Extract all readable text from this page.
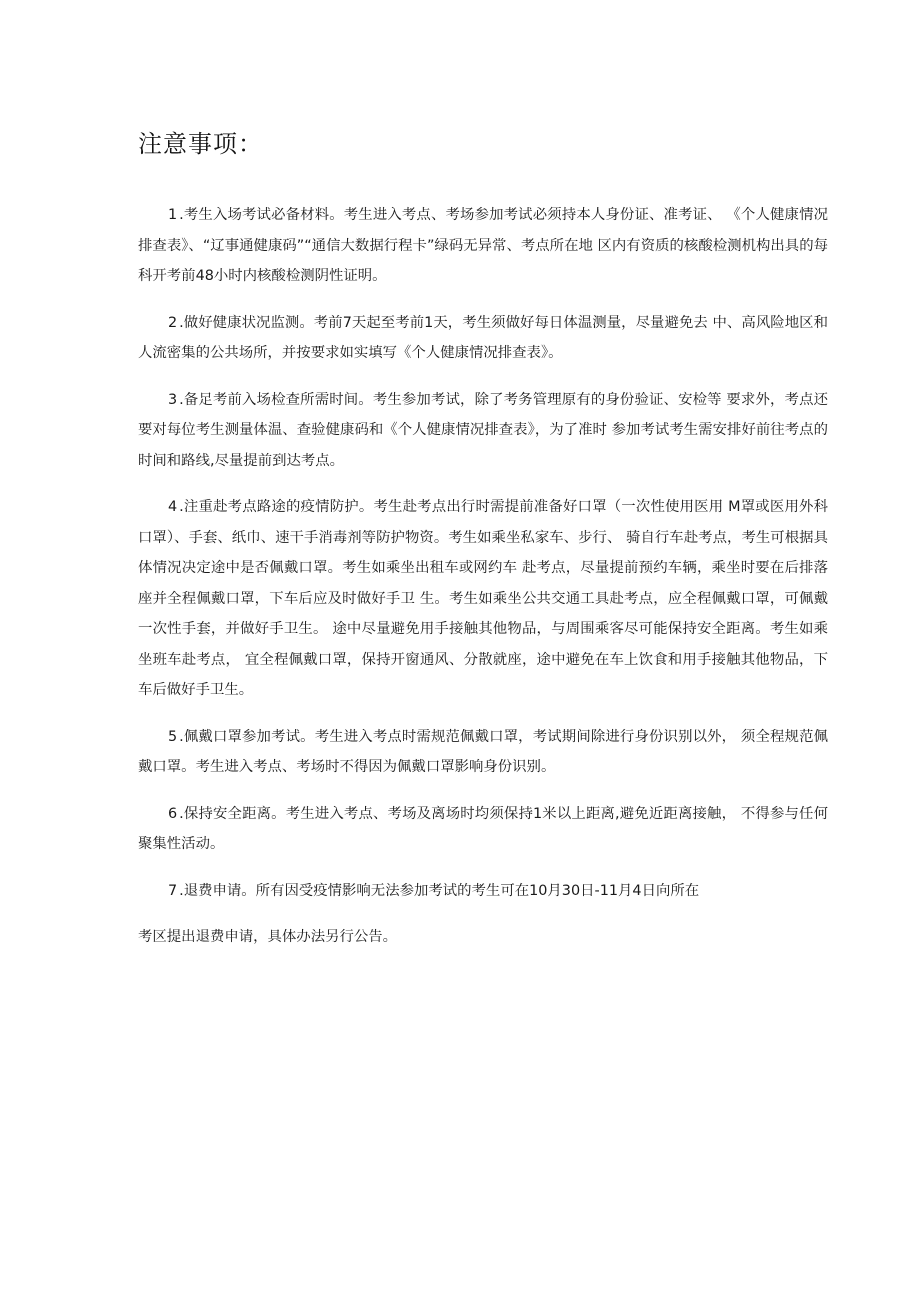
注意事项：

1 .考生入场考试必备材料。考生进入考点、考场参加考试必须持本人身份证、准考证、 《个人健康情况排查表》、“辽事通健康码”“通信大数据行程卡”绿码无异常、考点所在地 区内有资质的核酸检测机构出具的每科开考前48小时内核酸检测阴性证明。

2 .做好健康状况监测。考前7天起至考前1天，考生须做好每日体温测量，尽量避免去 中、高风险地区和人流密集的公共场所，并按要求如实填写《个人健康情况排查表》。

3 .备足考前入场检查所需时间。考生参加考试，除了考务管理原有的身份验证、安检等 要求外，考点还要对每位考生测量体温、查验健康码和《个人健康情况排查表》，为了准时 参加考试考生需安排好前往考点的时间和路线,尽量提前到达考点。

4 .注重赴考点路途的疫情防护。考生赴考点出行时需提前准备好口罩（一次性使用医用 M罩或医用外科口罩）、手套、纸巾、速干手消毒剂等防护物资。考生如乘坐私家车、步行、 骑自行车赴考点，考生可根据具体情况决定途中是否佩戴口罩。考生如乘坐出租车或网约车 赴考点，尽量提前预约车辆，乘坐时要在后排落座并全程佩戴口罩，下车后应及时做好手卫 生。考生如乘坐公共交通工具赴考点，应全程佩戴口罩，可佩戴一次性手套，并做好手卫生。 途中尽量避免用手接触其他物品，与周围乘客尽可能保持安全距离。考生如乘坐班车赴考点， 宜全程佩戴口罩，保持开窗通风、分散就座，途中避免在车上饮食和用手接触其他物品，下 车后做好手卫生。

5 .佩戴口罩参加考试。考生进入考点时需规范佩戴口罩，考试期间除进行身份识别以外， 须全程规范佩戴口罩。考生进入考点、考场时不得因为佩戴口罩影响身份识别。

6 .保持安全距离。考生进入考点、考场及离场时均须保持1米以上距离,避免近距离接触， 不得参与任何聚集性活动。

7 .退费申请。所有因受疫情影响无法参加考试的考生可在10月30日-11月4日向所在
考区提出退费申请，具体办法另行公告。
